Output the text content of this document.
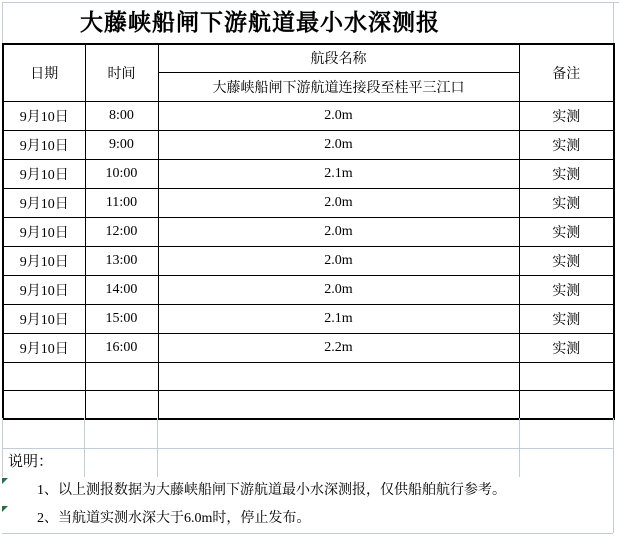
大藤峡船闸下游航道最小水深测报
日期	时间	航段名称	备注
		大藤峡船闸下游航道连接段至桂平三江口	
9月10日	8:00	2.0m	实测
9月10日	9:00	2.0m	实测
9月10日	10:00	2.1m	实测
9月10日	11:00	2.0m	实测
9月10日	12:00	2.0m	实测
9月10日	13:00	2.0m	实测
9月10日	14:00	2.0m	实测
9月10日	15:00	2.1m	实测
9月10日	16:00	2.2m	实测

说明：
1、以上测报数据为大藤峡船闸下游航道最小水深测报，仅供船舶航行参考。
2、当航道实测水深大于6.0m时，停止发布。
